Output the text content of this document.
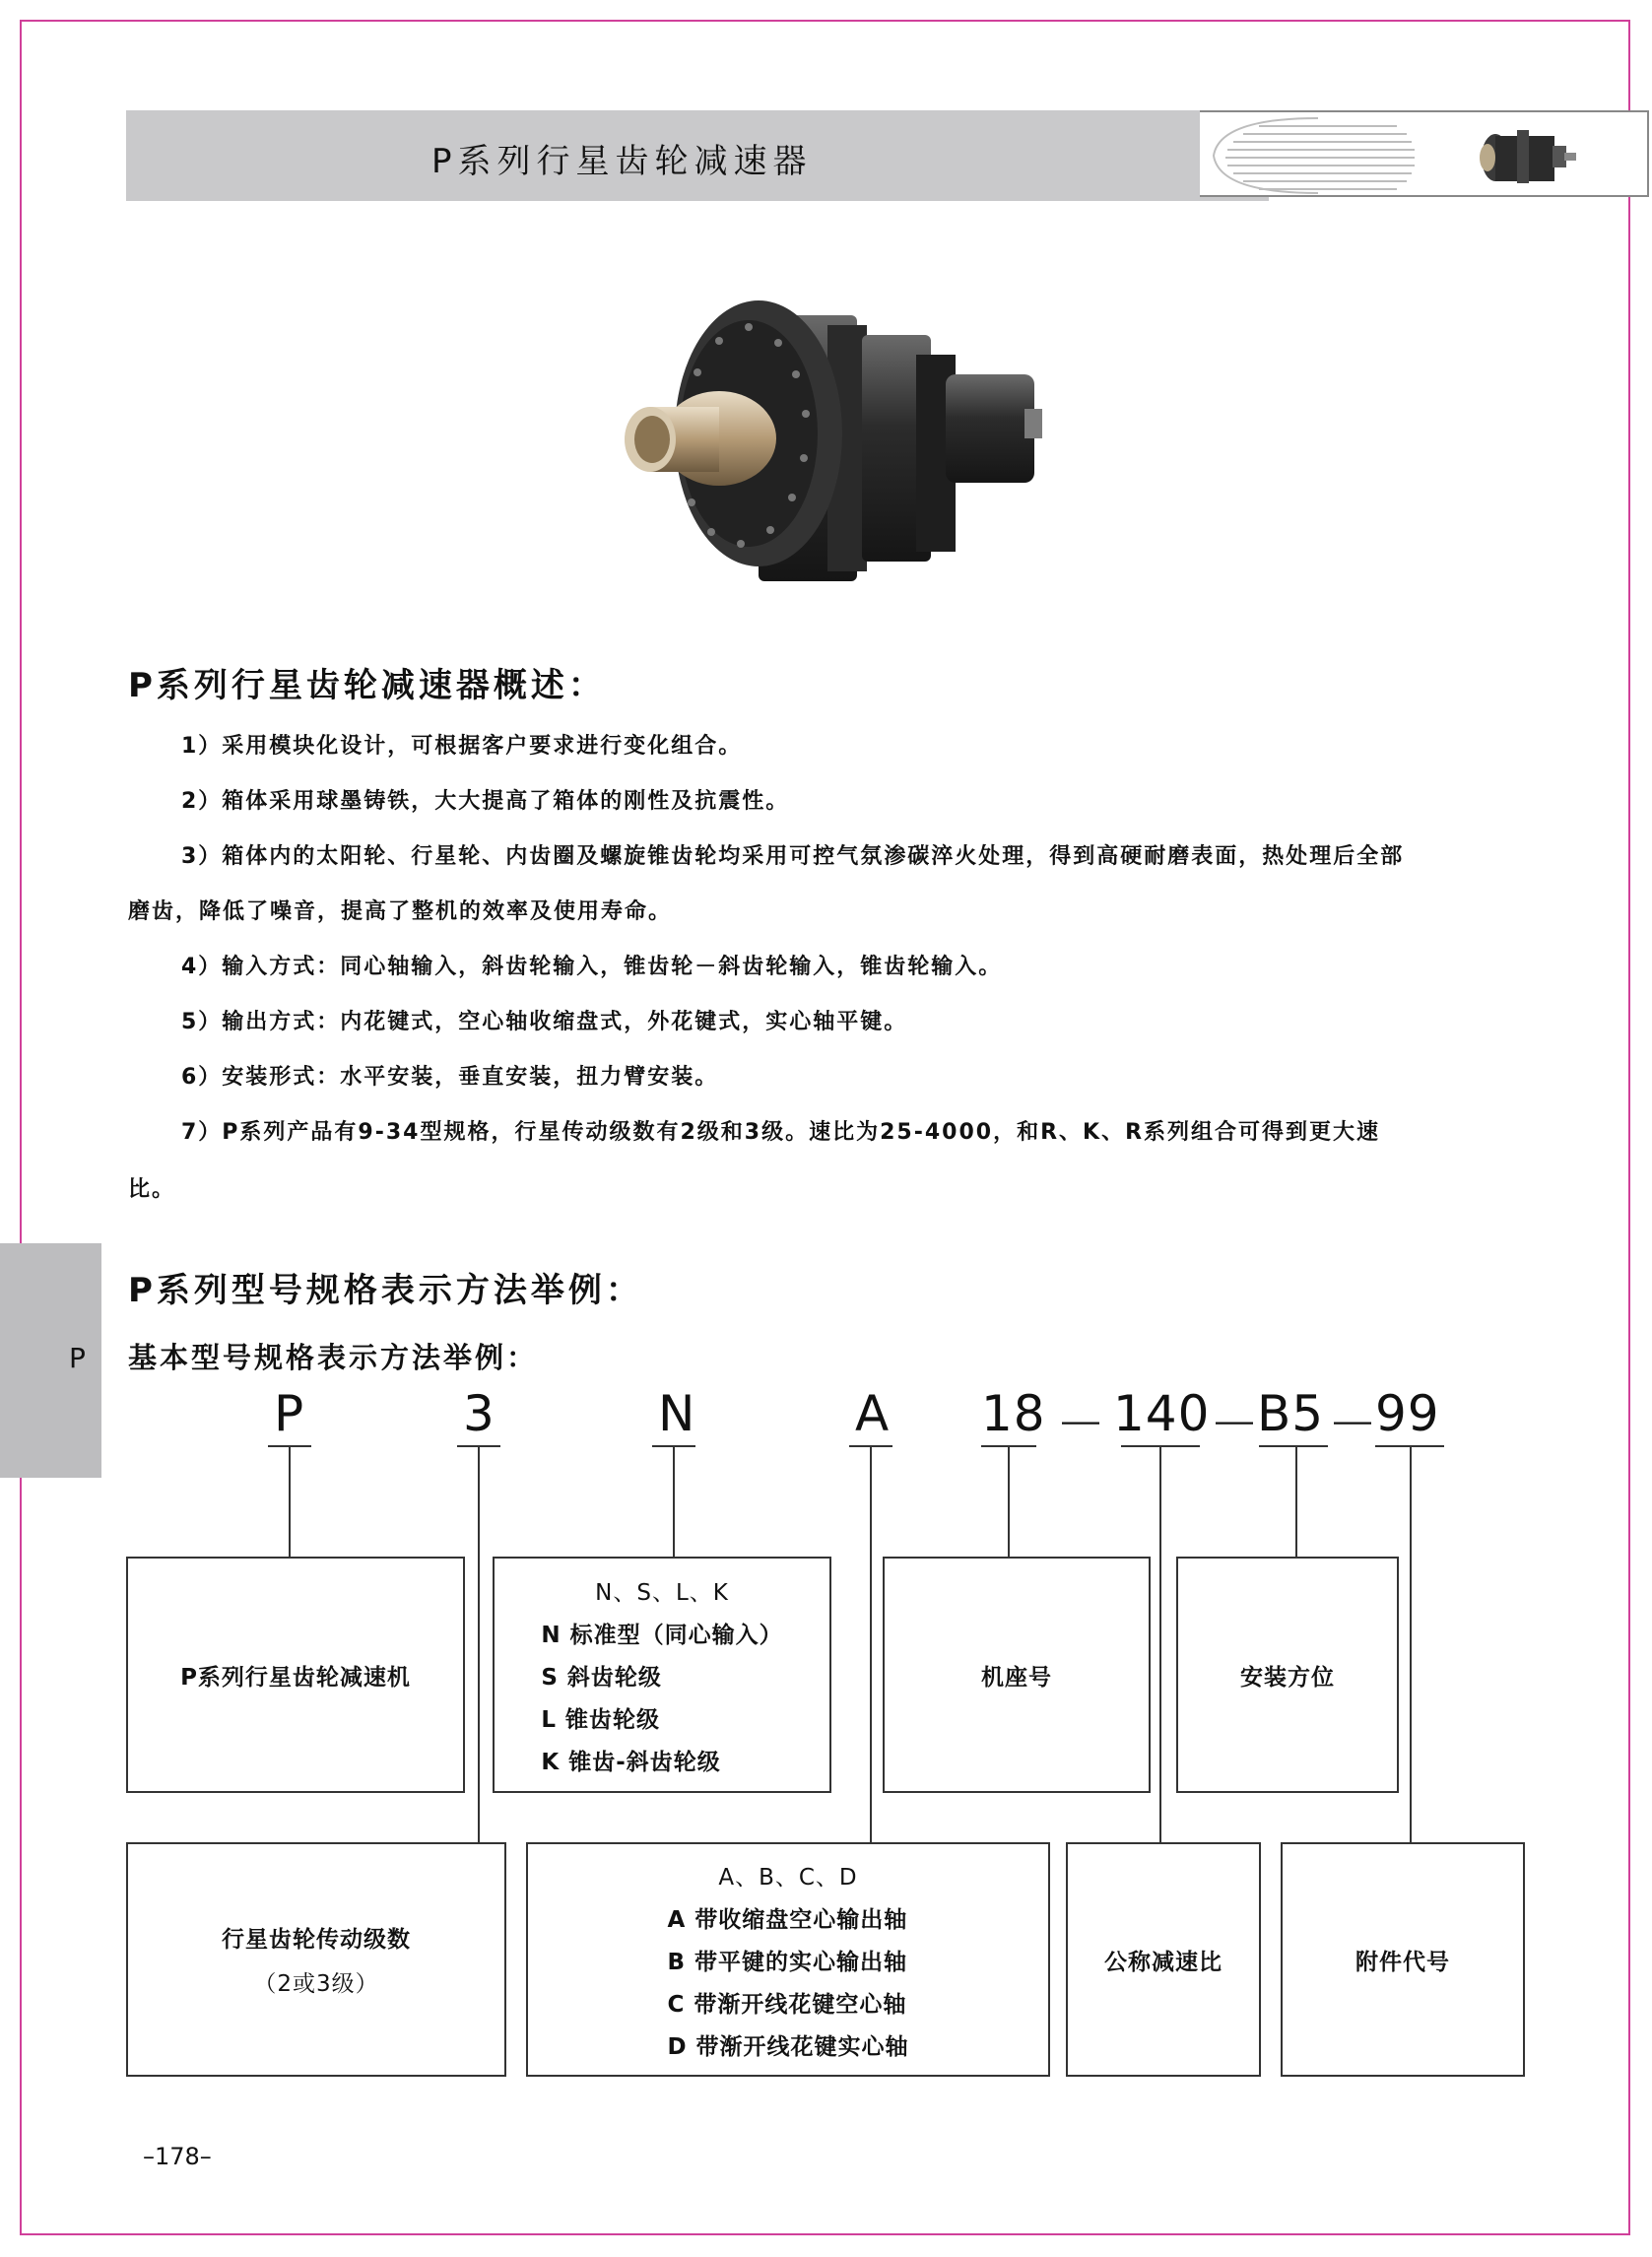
P系列行星齿轮减速器
P系列行星齿轮减速器概述：
1）采用模块化设计，可根据客户要求进行变化组合。
2）箱体采用球墨铸铁，大大提高了箱体的刚性及抗震性。
3）箱体内的太阳轮、行星轮、内齿圈及螺旋锥齿轮均采用可控气氛渗碳淬火处理，得到高硬耐磨表面，热处理后全部
磨齿，降低了噪音，提高了整机的效率及使用寿命。
4）输入方式：同心轴输入，斜齿轮输入，锥齿轮－斜齿轮输入，锥齿轮输入。
5）输出方式：内花键式，空心轴收缩盘式，外花键式，实心轴平键。
6）安装形式：水平安装，垂直安装，扭力臂安装。
7）P系列产品有9-34型规格，行星传动级数有2级和3级。速比为25-4000，和R、K、R系列组合可得到更大速
比。
P
P系列型号规格表示方法举例：
基本型号规格表示方法举例：
P	3	N	A 18 － 140 －
B5 －
99
P系列行星齿轮减速机
N、S、L、K
N 标准型（同心输入）
S 斜齿轮级
L 锥齿轮级
K 锥齿-斜齿轮级
机座号	安装方位
行星齿轮传动级数
（2或3级）
A、B、C、D
A 带收缩盘空心输出轴
B 带平键的实心输出轴
C 带渐开线花键空心轴
D 带渐开线花键实心轴
公称减速比	附件代号
–178–
